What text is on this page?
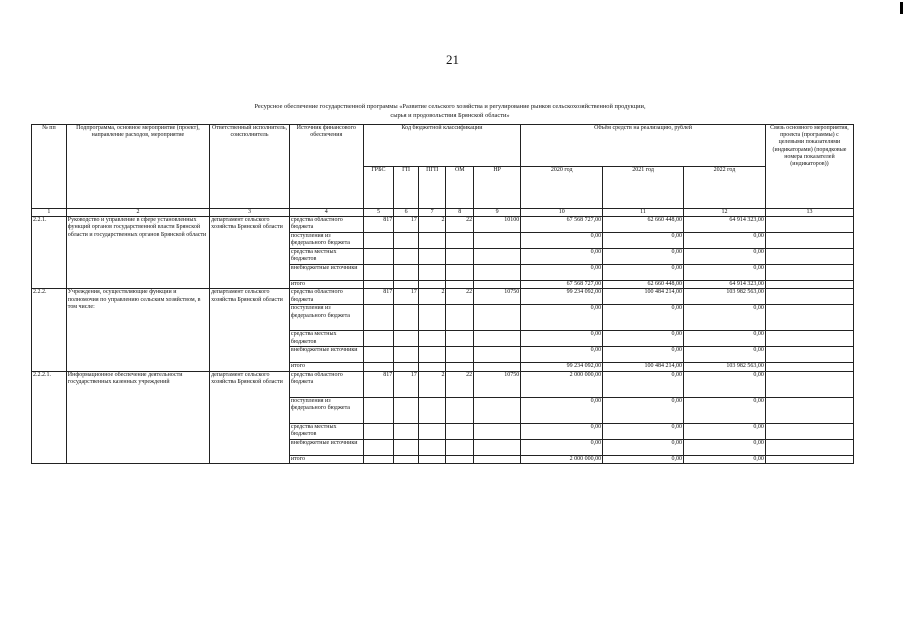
21
Ресурсное обеспечение государственной программы «Развитие сельского хозяйства и регулирование рынков сельскохозяйственной продукции,
сырья и продовольствия Брянской области»
№ пп	Подпрограмма, основное мероприятие (проект), направление расходов, мероприятие	Ответственный исполнитель, соисполнитель	Источник финансового обеспечения	Код бюджетной классификации					Объём средств на реализацию, рублей			Связь основного мероприятия, проекта (программы) с целевыми показателями (индикаторами) (порядковые номера показателей (индикаторов))
				ГРБС	ГП	ПГП	ОМ	НР	2020 год	2021 год	2022 год	
1	2	3	4	5	6	7	8	9	10	11	12	13
2.2.1.	Руководство и управление в сфере установленных функций органов государственной власти Брянской области и государственных органов Брянской области	департамент сельского хозяйства Брянской области	средства областного бюджета	817	17	2	22	10100	67 568 727,00	62 660 448,00	64 914 323,00	
			поступления из федерального бюджета						0,00	0,00	0,00	
			средства местных бюджетов						0,00	0,00	0,00	
			внебюджетные источники						0,00	0,00	0,00	
			итого						67 568 727,00	62 660 448,00	64 914 323,00	
2.2.2.	Учреждения, осуществляющие функции и полномочия по управлению сельским хозяйством, в том числе:	департамент сельского хозяйства Брянской области	средства областного бюджета	817	17	2	22	10750	99 234 092,00	100 484 214,00	103 982 563,00	
			поступления из федерального бюджета						0,00	0,00	0,00	
			средства местных бюджетов						0,00	0,00	0,00	
			внебюджетные источники						0,00	0,00	0,00	
			итого						99 234 092,00	100 484 214,00	103 982 563,00	
2.2.2.1.	Информационное обеспечение деятельности государственных казенных учреждений	департамент сельского хозяйства Брянской области	средства областного бюджета	817	17	2	22	10750	2 000 000,00	0,00	0,00	
			поступления из федерального бюджета						0,00	0,00	0,00	
			средства местных бюджетов						0,00	0,00	0,00	
			внебюджетные источники						0,00	0,00	0,00	
			итого						2 000 000,00	0,00	0,00	
